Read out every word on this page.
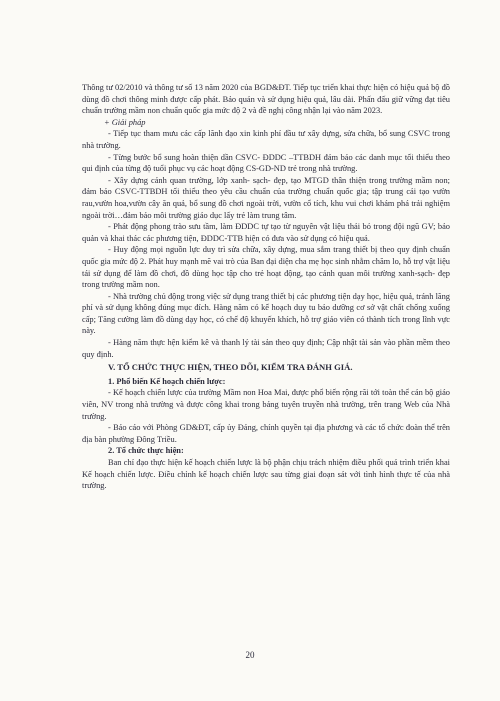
Thông tư 02/2010 và thông tư số 13 năm 2020 của BGD&ĐT. Tiếp tục triển khai thực hiện có hiệu quả bộ đồ dùng đồ chơi thông minh được cấp phát. Bảo quản và sử dụng hiệu quả, lâu dài. Phấn đấu giữ vững đạt tiêu chuẩn trường mầm non chuẩn quốc gia mức độ 2 và đề nghị công nhận lại vào năm 2023.

+ Giải pháp

- Tiếp tục tham mưu các cấp lãnh đạo xin kinh phí đầu tư xây dựng, sửa chữa, bổ sung CSVC trong nhà trường.

- Từng bước bổ sung hoàn thiện dần CSVC- ĐDDC –TTBDH đảm bảo các danh mục tối thiểu theo qui định của từng độ tuổi phục vụ các hoạt động CS-GD-ND trẻ trong nhà trường.

- Xây dựng cảnh quan trường, lớp xanh- sạch- đẹp, tạo MTGD thân thiện trong trường mầm non; đảm bảo CSVC-TTBDH tối thiểu theo yêu cầu chuẩn của trường chuẩn quốc gia; tập trung cải tạo vườn rau,vườn hoa,vườn cây ăn quả, bổ sung đồ chơi ngoài trời, vườn cổ tích, khu vui chơi khám phá trải nghiệm ngoài trời…đảm bảo môi trường giáo dục lấy trẻ làm trung tâm.

- Phát động phong trào sưu tầm, làm ĐDDC tự tạo từ nguyên vật liệu thải bỏ trong đội ngũ GV; bảo quản và khai thác các phương tiện, ĐDDC-TTB hiện có đưa vào sử dụng có hiệu quả.

- Huy động mọi nguồn lực duy trì sửa chữa, xây dựng, mua sắm trang thiết bị theo quy định chuẩn quốc gia mức độ 2. Phát huy mạnh mẽ vai trò của Ban đại diện cha mẹ học sinh nhằm chăm lo, hỗ trợ vật liệu tái sử dụng để làm đồ chơi, đồ dùng học tập cho trẻ hoạt động, tạo cảnh quan môi trường xanh-sạch- đẹp trong trường mầm non.

- Nhà trường chủ động trong việc sử dụng trang thiết bị các phương tiện dạy học, hiệu quả, tránh lãng phí và sử dụng không đúng mục đích. Hàng năm có kế hoạch duy tu bảo dưỡng cơ sở vật chất chống xuống cấp; Tăng cường làm đồ dùng dạy học, có chế độ khuyến khích, hỗ trợ giáo viên có thành tích trong lĩnh vực này.

- Hàng năm thực hện kiểm kê và thanh lý tài sản theo quy định; Cập nhật tài sản vào phần mềm theo quy định.

V. TỔ CHỨC THỰC HIỆN, THEO DÕI, KIỂM TRA ĐÁNH GIÁ.

1. Phổ biến Kế hoạch chiến lược:

- Kế hoạch chiến lược của trường Mầm non Hoa Mai, được phổ biến rộng rãi tới toàn thể cán bộ giáo viên, NV trong nhà trường và được công khai trong bảng tuyên truyền nhà trường, trên trang Web của Nhà trường.

- Báo cáo với Phòng GD&ĐT, cấp ủy Đảng, chính quyền tại địa phương và các tổ chức đoàn thể trên địa bàn phường Đông Triều.

2. Tổ chức thực hiện:

Ban chỉ đạo thực hiện kế hoạch chiến lược là bộ phận chịu trách nhiệm điều phối quá trình triển khai Kế hoạch chiến lược. Điều chỉnh kế hoạch chiến lược sau từng giai đoạn sát với tình hình thực tế của nhà trường.

20
